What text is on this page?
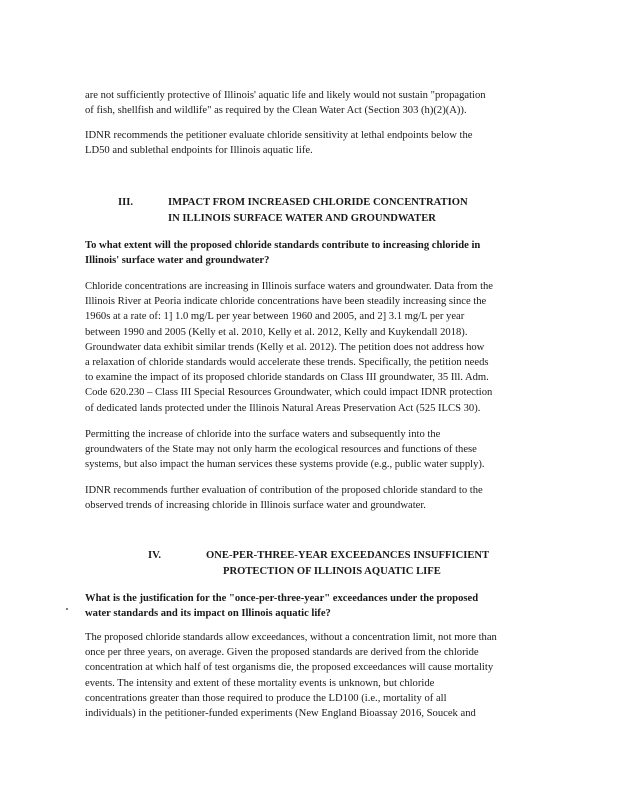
are not sufficiently protective of Illinois' aquatic life and likely would not sustain "propagation
of fish, shellfish and wildlife" as required by the Clean Water Act (Section 303 (h)(2)(A)).

IDNR recommends the petitioner evaluate chloride sensitivity at lethal endpoints below the
LD50 and sublethal endpoints for Illinois aquatic life.

III.	IMPACT FROM INCREASED CHLORIDE CONCENTRATION
IN ILLINOIS SURFACE WATER AND GROUNDWATER

To what extent will the proposed chloride standards contribute to increasing chloride in
Illinois' surface water and groundwater?

Chloride concentrations are increasing in Illinois surface waters and groundwater. Data from the
Illinois River at Peoria indicate chloride concentrations have been steadily increasing since the
1960s at a rate of: 1] 1.0 mg/L per year between 1960 and 2005, and 2] 3.1 mg/L per year
between 1990 and 2005 (Kelly et al. 2010, Kelly et al. 2012, Kelly and Kuykendall 2018).
Groundwater data exhibit similar trends (Kelly et al. 2012). The petition does not address how
a relaxation of chloride standards would accelerate these trends. Specifically, the petition needs
to examine the impact of its proposed chloride standards on Class III groundwater, 35 Ill. Adm.
Code 620.230 – Class III Special Resources Groundwater, which could impact IDNR protection
of dedicated lands protected under the Illinois Natural Areas Preservation Act (525 ILCS 30).

Permitting the increase of chloride into the surface waters and subsequently into the
groundwaters of the State may not only harm the ecological resources and functions of these
systems, but also impact the human services these systems provide (e.g., public water supply).

IDNR recommends further evaluation of contribution of the proposed chloride standard to the
observed trends of increasing chloride in Illinois surface water and groundwater.

IV.	ONE-PER-THREE-YEAR EXCEEDANCES INSUFFICIENT
PROTECTION OF ILLINOIS AQUATIC LIFE

What is the justification for the "once-per-three-year" exceedances under the proposed
water standards and its impact on Illinois aquatic life?

The proposed chloride standards allow exceedances, without a concentration limit, not more than
once per three years, on average. Given the proposed standards are derived from the chloride
concentration at which half of test organisms die, the proposed exceedances will cause mortality
events. The intensity and extent of these mortality events is unknown, but chloride
concentrations greater than those required to produce the LD100 (i.e., mortality of all
individuals) in the petitioner-funded experiments (New England Bioassay 2016, Soucek and
